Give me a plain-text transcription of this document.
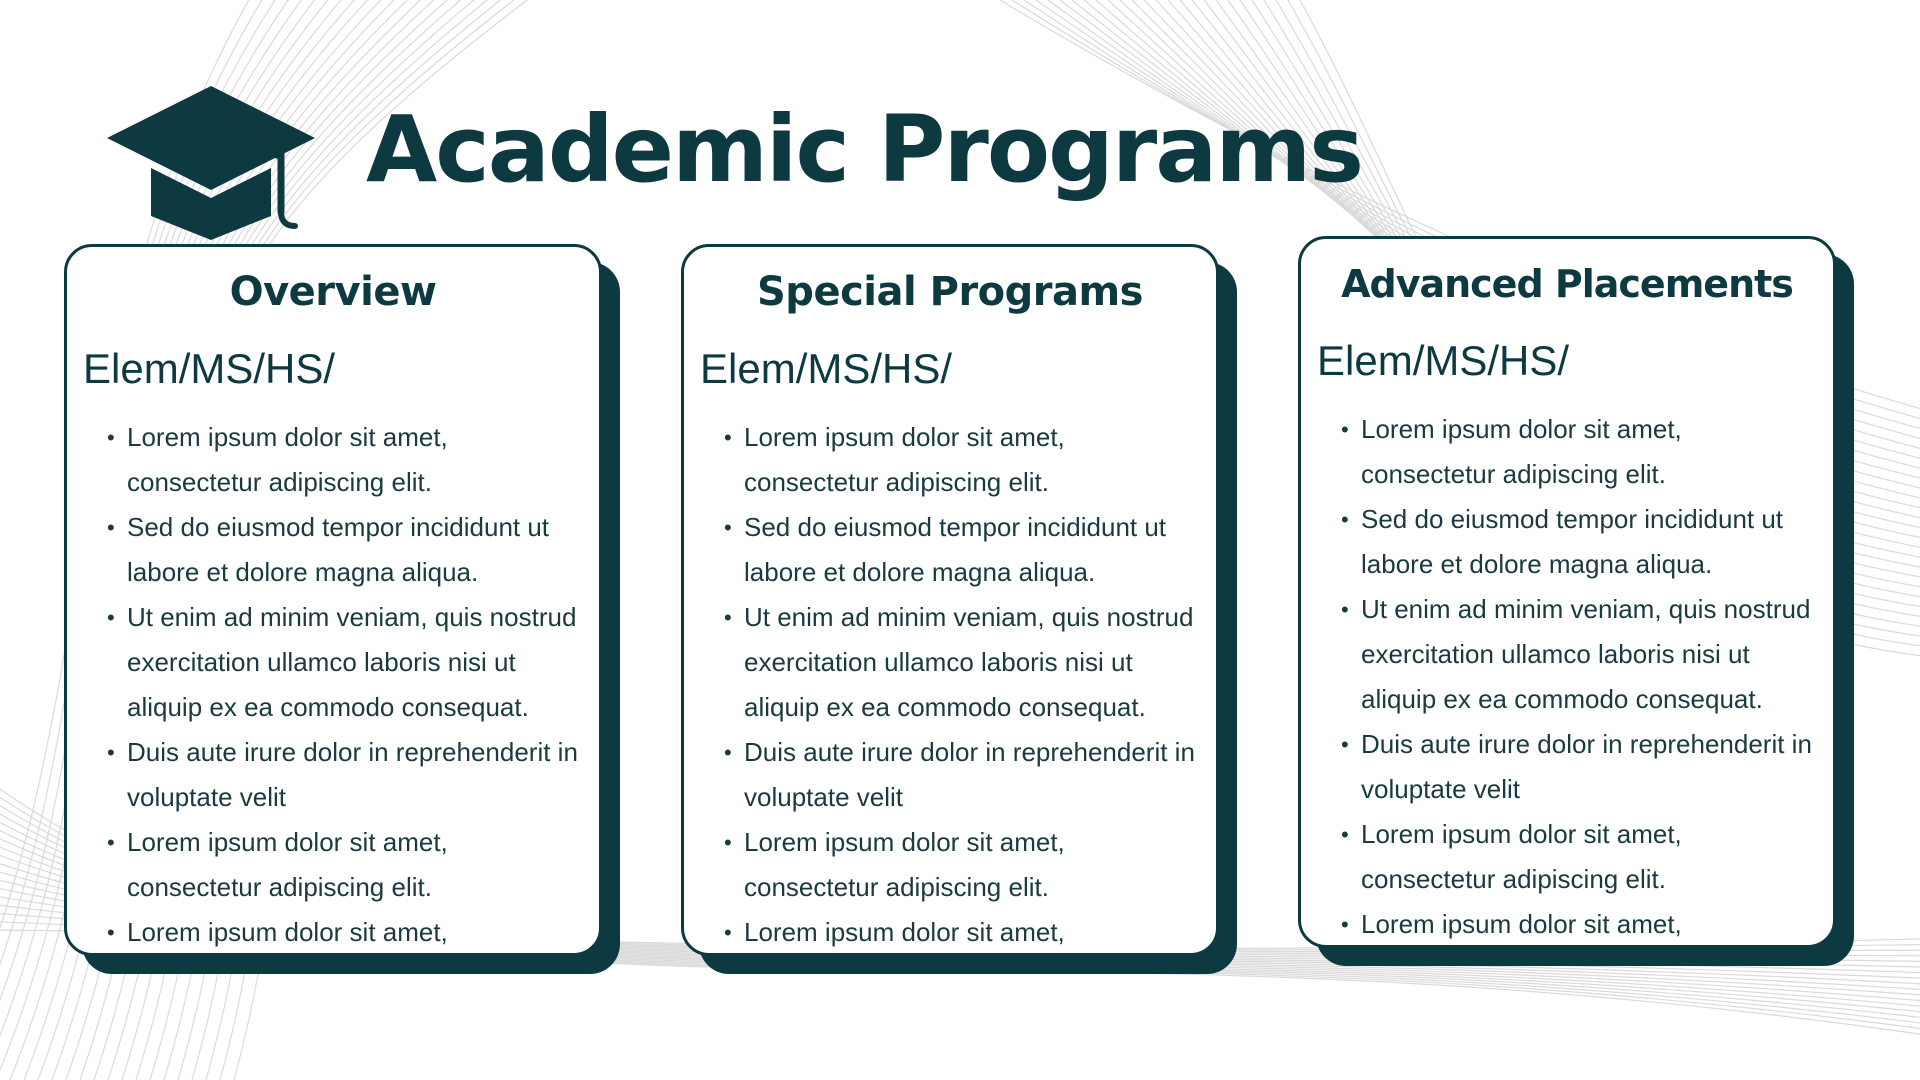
Academic Programs
Overview
Elem/MS/HS/
• Lorem ipsum dolor sit amet, consectetur adipiscing elit.
• Sed do eiusmod tempor incididunt ut labore et dolore magna aliqua.
• Ut enim ad minim veniam, quis nostrud exercitation ullamco laboris nisi ut aliquip ex ea commodo consequat.
• Duis aute irure dolor in reprehenderit in voluptate velit
• Lorem ipsum dolor sit amet, consectetur adipiscing elit.
• Lorem ipsum dolor sit amet,
Special Programs
Elem/MS/HS/
• Lorem ipsum dolor sit amet, consectetur adipiscing elit.
• Sed do eiusmod tempor incididunt ut labore et dolore magna aliqua.
• Ut enim ad minim veniam, quis nostrud exercitation ullamco laboris nisi ut aliquip ex ea commodo consequat.
• Duis aute irure dolor in reprehenderit in voluptate velit
• Lorem ipsum dolor sit amet, consectetur adipiscing elit.
• Lorem ipsum dolor sit amet,
Advanced Placements
Elem/MS/HS/
• Lorem ipsum dolor sit amet, consectetur adipiscing elit.
• Sed do eiusmod tempor incididunt ut labore et dolore magna aliqua.
• Ut enim ad minim veniam, quis nostrud exercitation ullamco laboris nisi ut aliquip ex ea commodo consequat.
• Duis aute irure dolor in reprehenderit in voluptate velit
• Lorem ipsum dolor sit amet, consectetur adipiscing elit.
• Lorem ipsum dolor sit amet,
